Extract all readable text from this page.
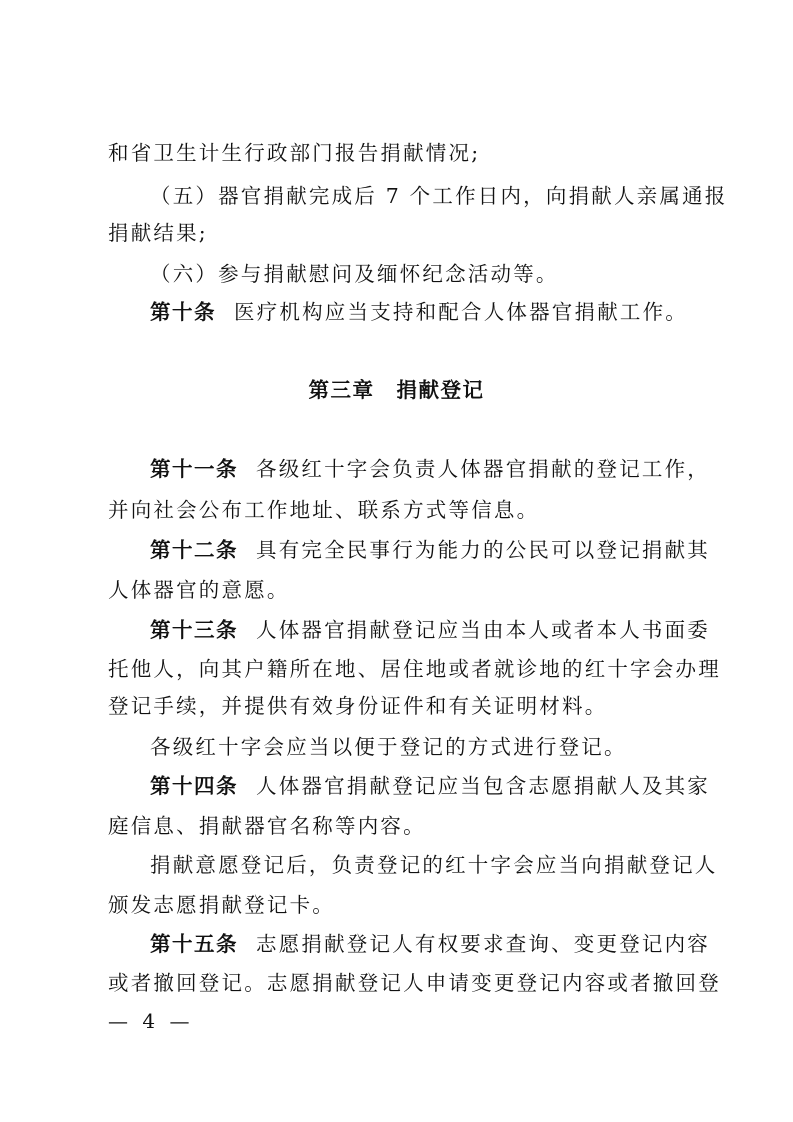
和省卫生计生行政部门报告捐献情况;
（五）器官捐献完成后 7 个工作日内，向捐献人亲属通报
捐献结果;
（六）参与捐献慰问及缅怀纪念活动等。
第十条 医疗机构应当支持和配合人体器官捐献工作。
第三章 捐献登记
第十一条 各级红十字会负责人体器官捐献的登记工作，
并向社会公布工作地址、联系方式等信息。
第十二条 具有完全民事行为能力的公民可以登记捐献其
人体器官的意愿。
第十三条 人体器官捐献登记应当由本人或者本人书面委
托他人，向其户籍所在地、居住地或者就诊地的红十字会办理
登记手续，并提供有效身份证件和有关证明材料。
各级红十字会应当以便于登记的方式进行登记。
第十四条 人体器官捐献登记应当包含志愿捐献人及其家
庭信息、捐献器官名称等内容。
捐献意愿登记后，负责登记的红十字会应当向捐献登记人
颁发志愿捐献登记卡。
第十五条 志愿捐献登记人有权要求查询、变更登记内容
或者撤回登记。志愿捐献登记人申请变更登记内容或者撤回登
— 4 —
